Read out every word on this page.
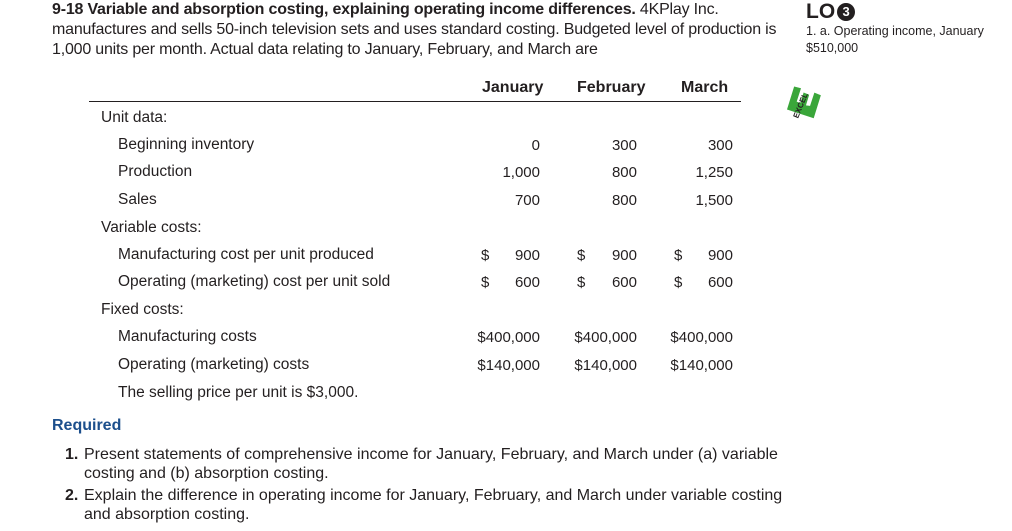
9-18 Variable and absorption costing, explaining operating income differences. 4KPlay Inc.
manufactures and sells 50-inch television sets and uses standard costing. Budgeted level of production is
1,000 units per month. Actual data relating to January, February, and March are
LO 3
1. a. Operating income, January
$510,000
EXCEL
January February March
Unit data:
Beginning inventory	0	300	300
Production	1,000	800	1,250
Sales	700	800	1,500
Variable costs:
Manufacturing cost per unit produced	$ 900 $ 900 $ 900
Operating (marketing) cost per unit sold	$ 600 $ 600 $ 600
Fixed costs:
Manufacturing costs	$400,000 $400,000 $400,000
Operating (marketing) costs	$140,000 $140,000 $140,000
The selling price per unit is $3,000.
Required
1. Present statements of comprehensive income for January, February, and March under (a) variable
costing and (b) absorption costing.
2. Explain the difference in operating income for January, February, and March under variable costing
and absorption costing.
